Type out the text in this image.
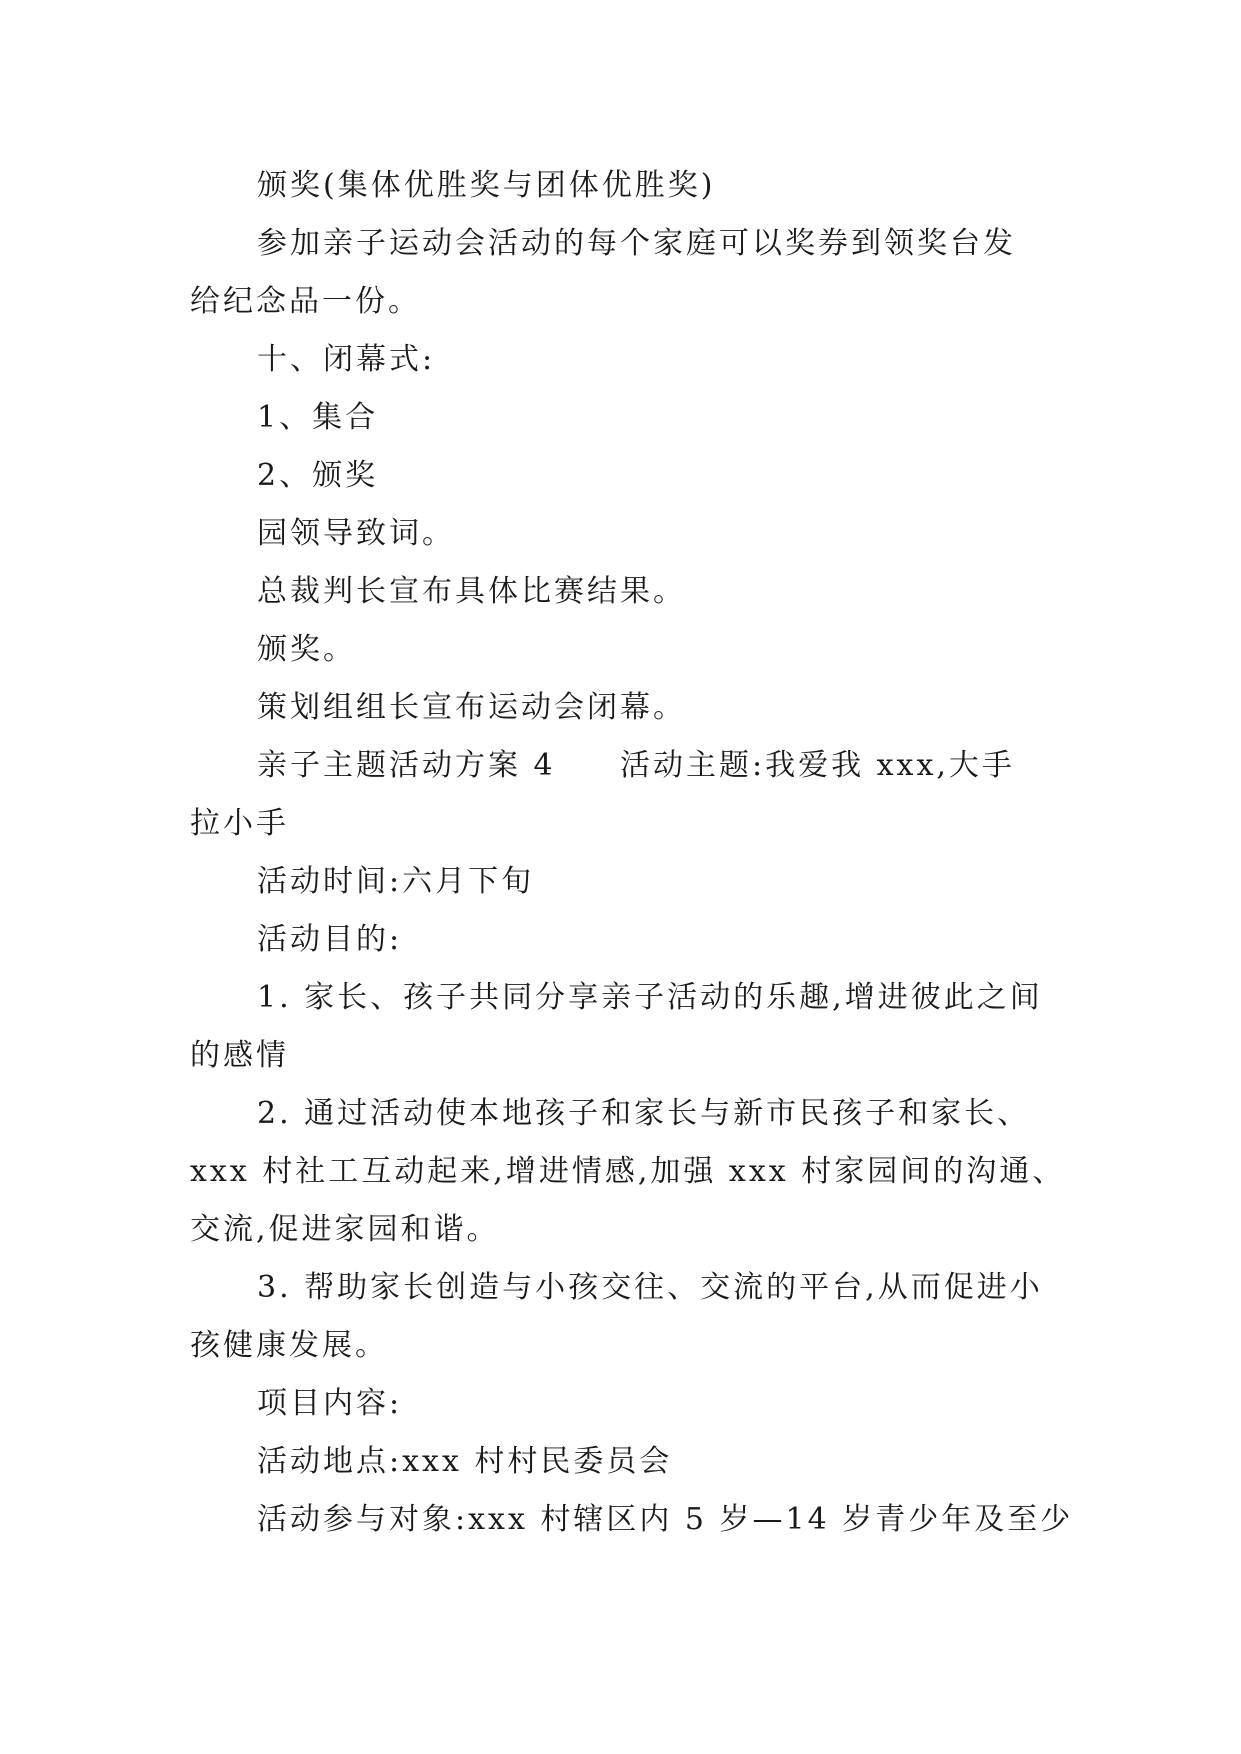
颁奖(集体优胜奖与团体优胜奖)

参加亲子运动会活动的每个家庭可以奖券到领奖台发

给纪念品一份。

十、闭幕式:

1、集合

2、颁奖

园领导致词。

总裁判长宣布具体比赛结果。

颁奖。

策划组组长宣布运动会闭幕。

亲子主题活动方案 4 活动主题:我爱我 xxx,大手

拉小手

活动时间:六月下旬

活动目的:

1. 家长、孩子共同分享亲子活动的乐趣,增进彼此之间

的感情

2. 通过活动使本地孩子和家长与新市民孩子和家长、

xxx 村社工互动起来,增进情感,加强 xxx 村家园间的沟通、

交流,促进家园和谐。

3. 帮助家长创造与小孩交往、交流的平台,从而促进小

孩健康发展。

项目内容:

活动地点:xxx 村村民委员会

活动参与对象:xxx 村辖区内 5 岁—14 岁青少年及至少
